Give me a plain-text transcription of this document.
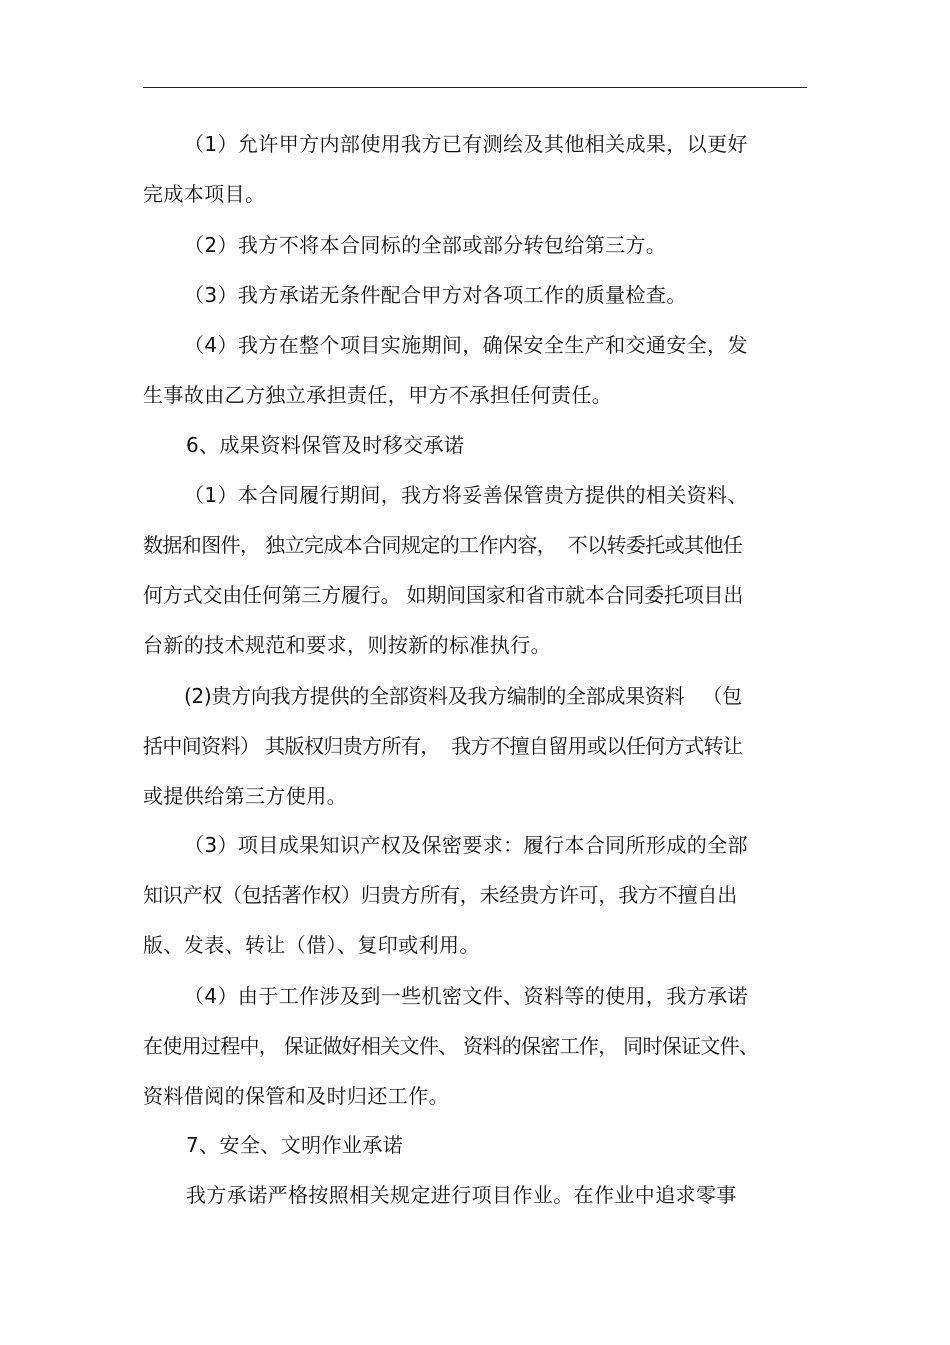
（1）允许甲方内部使用我方已有测绘及其他相关成果，以更好
完成本项目。
（2）我方不将本合同标的全部或部分转包给第三方。
（3）我方承诺无条件配合甲方对各项工作的质量检查。
（4）我方在整个项目实施期间，确保安全生产和交通安全，发
生事故由乙方独立承担责任，甲方不承担任何责任。
6、成果资料保管及时移交承诺
（1）本合同履行期间，我方将妥善保管贵方提供的相关资料、
数据和图件， 独立完成本合同规定的工作内容，  不以转委托或其他任
何方式交由任何第三方履行。 如期间国家和省市就本合同委托项目出
台新的技术规范和要求，则按新的标准执行。
(2)贵方向我方提供的全部资料及我方编制的全部成果资料   （包
括中间资料） 其版权归贵方所有，  我方不擅自留用或以任何方式转让
或提供给第三方使用。
（3）项目成果知识产权及保密要求：履行本合同所形成的全部
知识产权（包括著作权）归贵方所有，未经贵方许可，我方不擅自出
版、发表、转让（借）、复印或利用。
（4）由于工作涉及到一些机密文件、资料等的使用，我方承诺
在使用过程中， 保证做好相关文件、 资料的保密工作， 同时保证文件、
资料借阅的保管和及时归还工作。
7、安全、文明作业承诺
我方承诺严格按照相关规定进行项目作业。在作业中追求零事
